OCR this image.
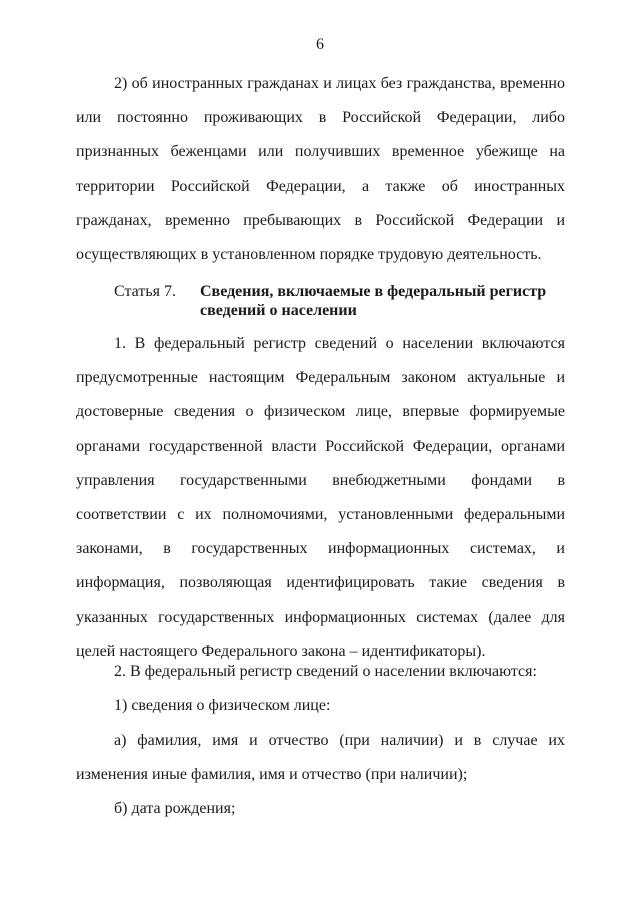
6

2) об иностранных гражданах и лицах без гражданства, временно или постоянно проживающих в Российской Федерации, либо признанных беженцами или получивших временное убежище на территории Российской Федерации, а также об иностранных гражданах, временно пребывающих в Российской Федерации и осуществляющих в установленном порядке трудовую деятельность.

Статья 7. Сведения, включаемые в федеральный регистр сведений о населении

1. В федеральный регистр сведений о населении включаются предусмотренные настоящим Федеральным законом актуальные и достоверные сведения о физическом лице, впервые формируемые органами государственной власти Российской Федерации, органами управления государственными внебюджетными фондами в соответствии с их полномочиями, установленными федеральными законами, в государственных информационных системах, и информация, позволяющая идентифицировать такие сведения в указанных государственных информационных системах (далее для целей настоящего Федерального закона – идентификаторы).

2. В федеральный регистр сведений о населении включаются:

1) сведения о физическом лице:

а) фамилия, имя и отчество (при наличии) и в случае их изменения иные фамилия, имя и отчество (при наличии);

б) дата рождения;
